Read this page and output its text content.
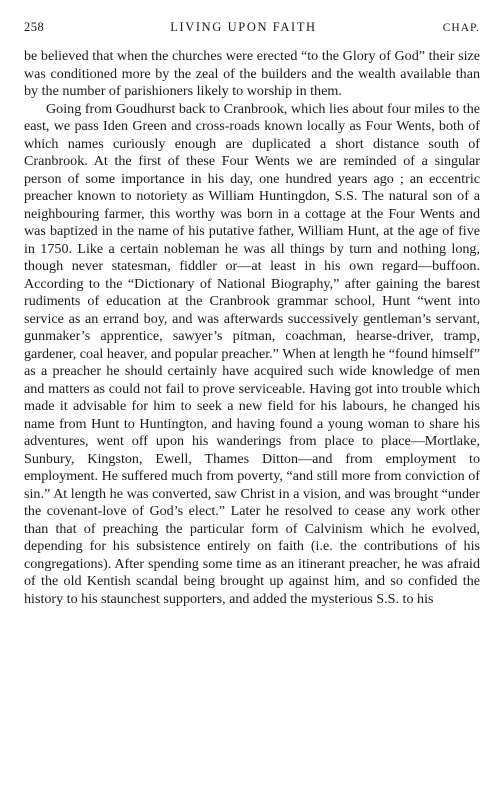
258	LIVING UPON FAITH	CHAP.

be believed that when the churches were erected “to the Glory of God” their size was conditioned more by the zeal of the builders and the wealth available than by the number of parishioners likely to worship in them.

Going from Goudhurst back to Cranbrook, which lies about four miles to the east, we pass Iden Green and cross-roads known locally as Four Wents, both of which names curiously enough are duplicated a short distance south of Cranbrook. At the first of these Four Wents we are reminded of a singular person of some importance in his day, one hundred years ago ; an eccentric preacher known to notoriety as William Huntingdon, S.S. The natural son of a neighbouring farmer, this worthy was born in a cottage at the Four Wents and was baptized in the name of his putative father, William Hunt, at the age of five in 1750. Like a certain nobleman he was all things by turn and nothing long, though never statesman, fiddler or—at least in his own regard—buffoon. According to the “Dictionary of National Biography,” after gaining the barest rudiments of education at the Cranbrook grammar school, Hunt “went into service as an errand boy, and was afterwards successively gentleman’s servant, gunmaker’s apprentice, sawyer’s pitman, coachman, hearse-driver, tramp, gardener, coal heaver, and popular preacher.” When at length he “found himself” as a preacher he should certainly have acquired such wide knowledge of men and matters as could not fail to prove serviceable. Having got into trouble which made it advisable for him to seek a new field for his labours, he changed his name from Hunt to Huntington, and having found a young woman to share his adventures, went off upon his wanderings from place to place—Mortlake, Sunbury, Kingston, Ewell, Thames Ditton—and from employment to employment. He suffered much from poverty, “and still more from conviction of sin.” At length he was converted, saw Christ in a vision, and was brought “under the covenant-love of God’s elect.” Later he resolved to cease any work other than that of preaching the particular form of Calvinism which he evolved, depending for his subsistence entirely on faith (i.e. the contributions of his congregations). After spending some time as an itinerant preacher, he was afraid of the old Kentish scandal being brought up against him, and so confided the history to his staunchest supporters, and added the mysterious S.S. to his
